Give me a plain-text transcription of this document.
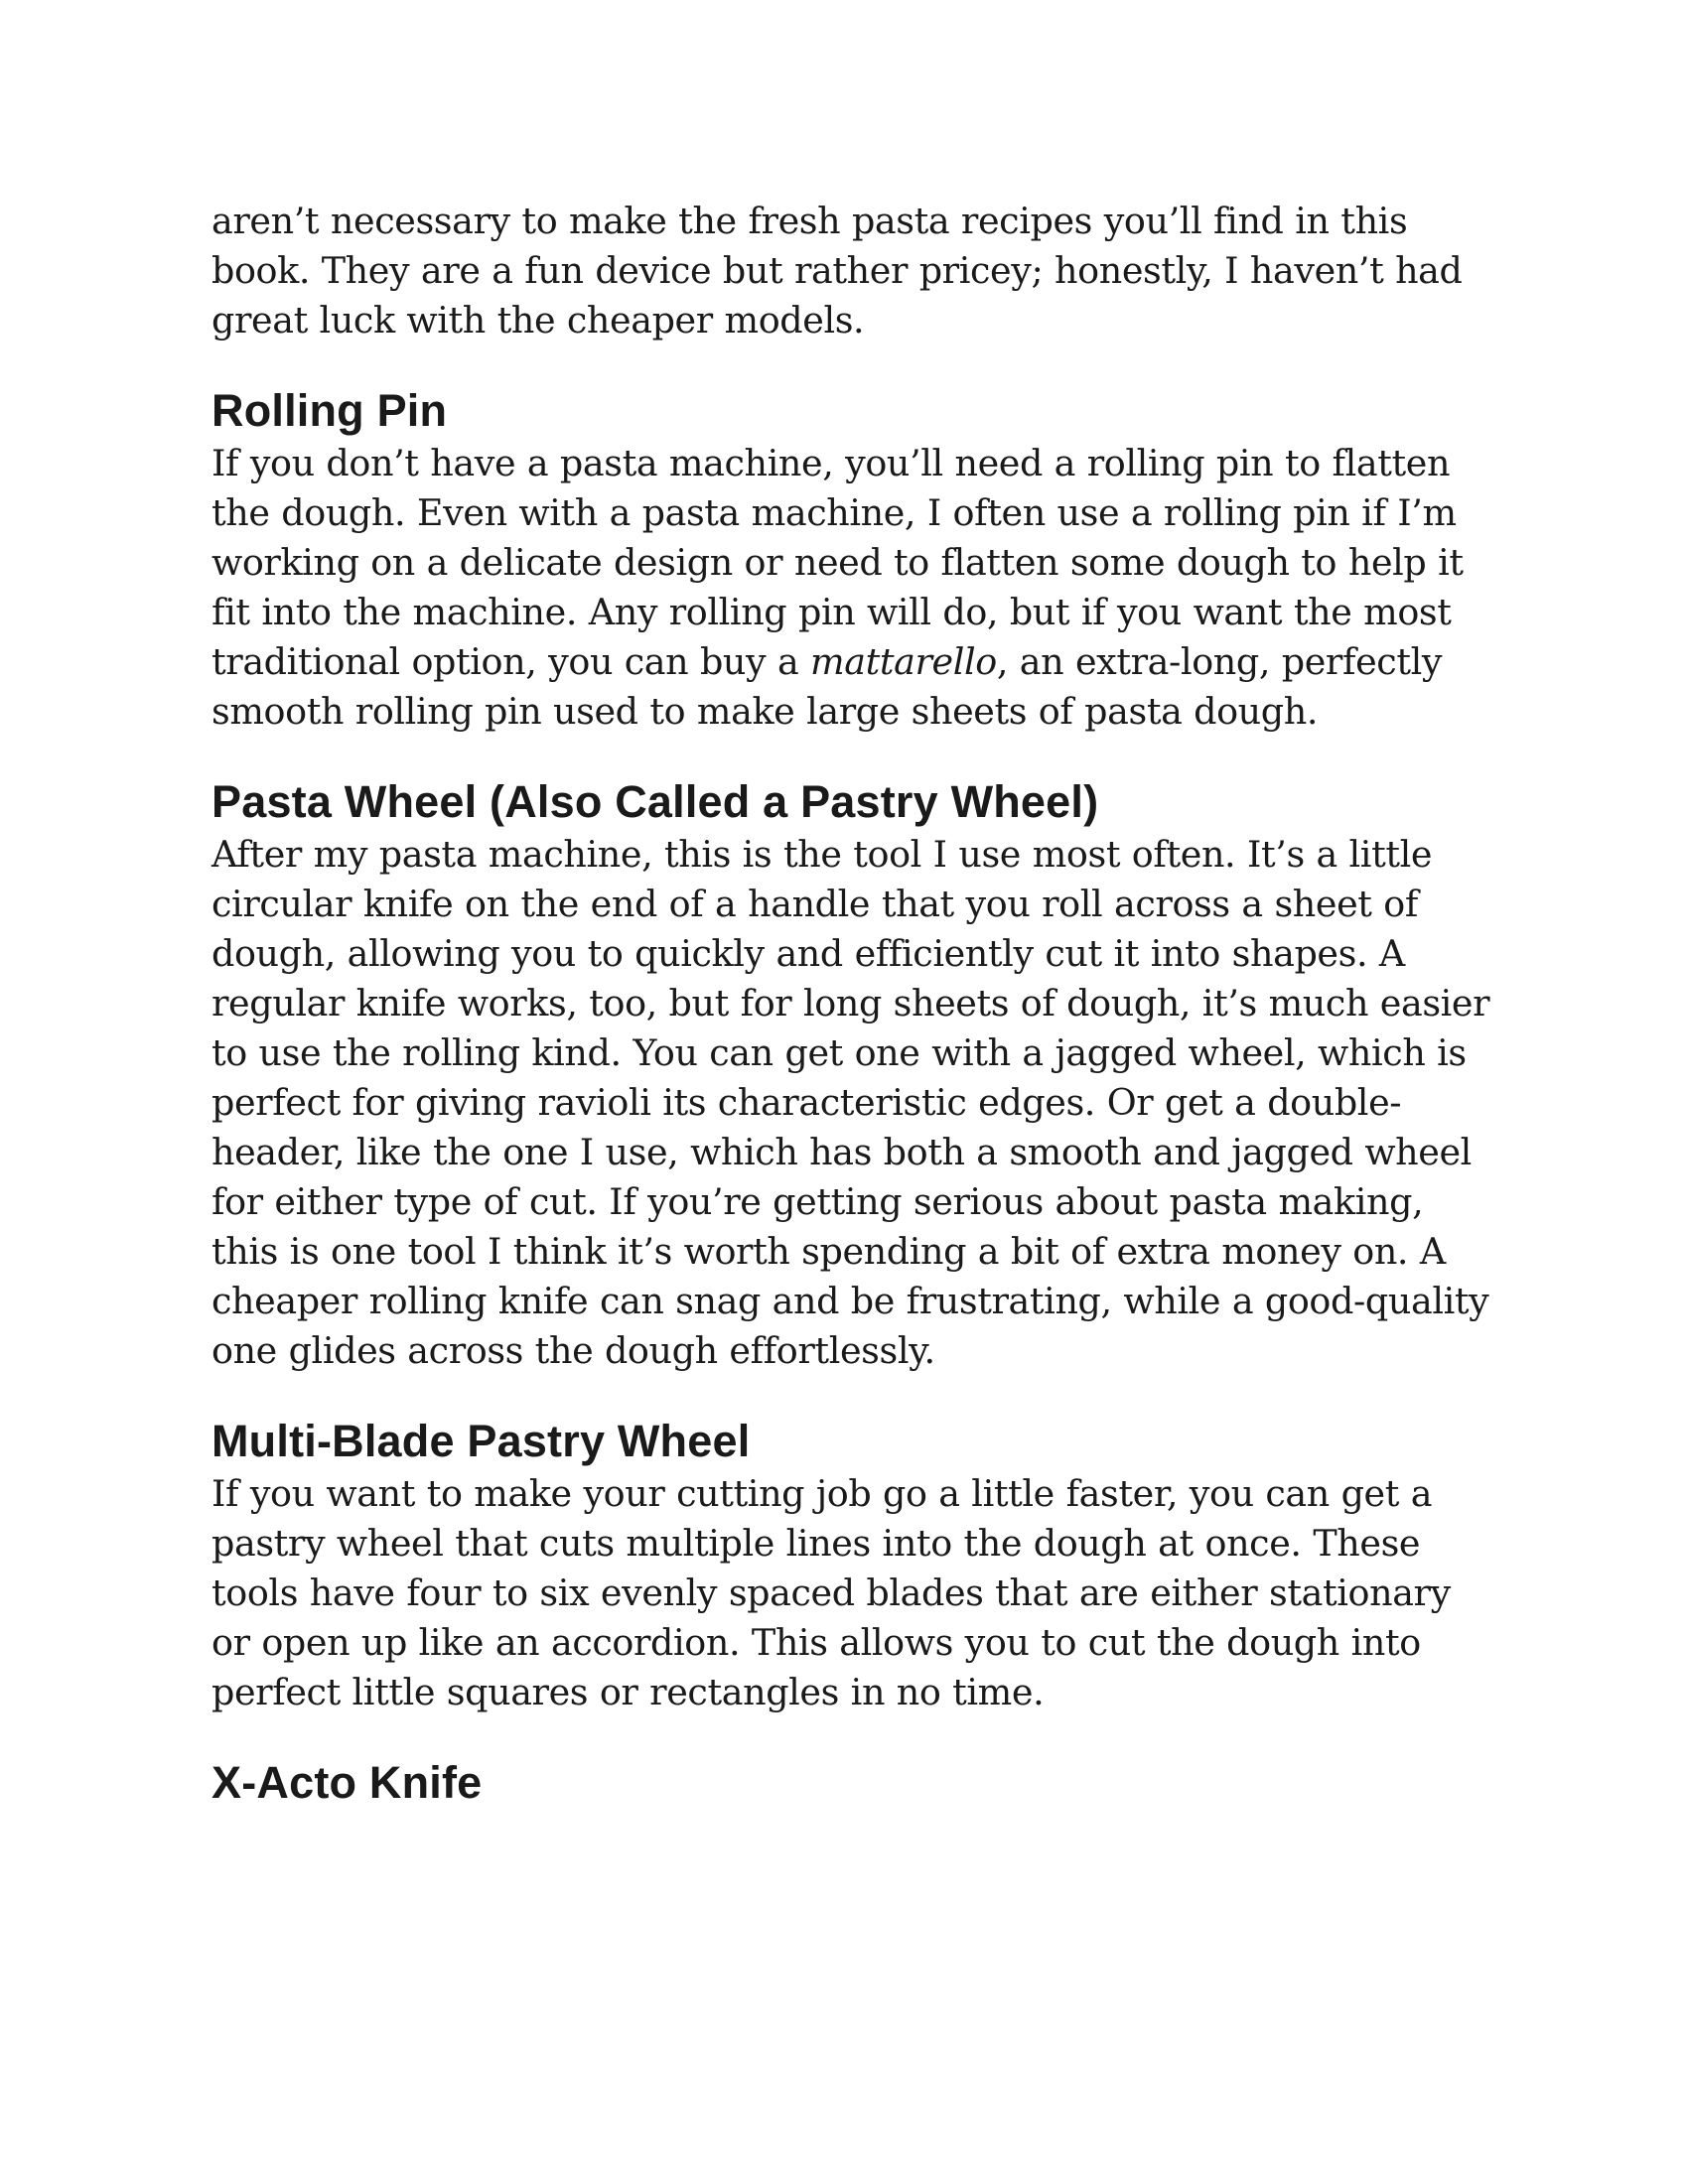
aren’t necessary to make the fresh pasta recipes you’ll find in this book. They are a fun device but rather pricey; honestly, I haven’t had great luck with the cheaper models.

Rolling Pin

If you don’t have a pasta machine, you’ll need a rolling pin to flatten the dough. Even with a pasta machine, I often use a rolling pin if I’m working on a delicate design or need to flatten some dough to help it fit into the machine. Any rolling pin will do, but if you want the most traditional option, you can buy a mattarello, an extra-long, perfectly smooth rolling pin used to make large sheets of pasta dough.

Pasta Wheel (Also Called a Pastry Wheel)

After my pasta machine, this is the tool I use most often. It’s a little circular knife on the end of a handle that you roll across a sheet of dough, allowing you to quickly and efficiently cut it into shapes. A regular knife works, too, but for long sheets of dough, it’s much easier to use the rolling kind. You can get one with a jagged wheel, which is perfect for giving ravioli its characteristic edges. Or get a double-header, like the one I use, which has both a smooth and jagged wheel for either type of cut. If you’re getting serious about pasta making, this is one tool I think it’s worth spending a bit of extra money on. A cheaper rolling knife can snag and be frustrating, while a good-quality one glides across the dough effortlessly.

Multi-Blade Pastry Wheel

If you want to make your cutting job go a little faster, you can get a pastry wheel that cuts multiple lines into the dough at once. These tools have four to six evenly spaced blades that are either stationary or open up like an accordion. This allows you to cut the dough into perfect little squares or rectangles in no time.

X-Acto Knife
